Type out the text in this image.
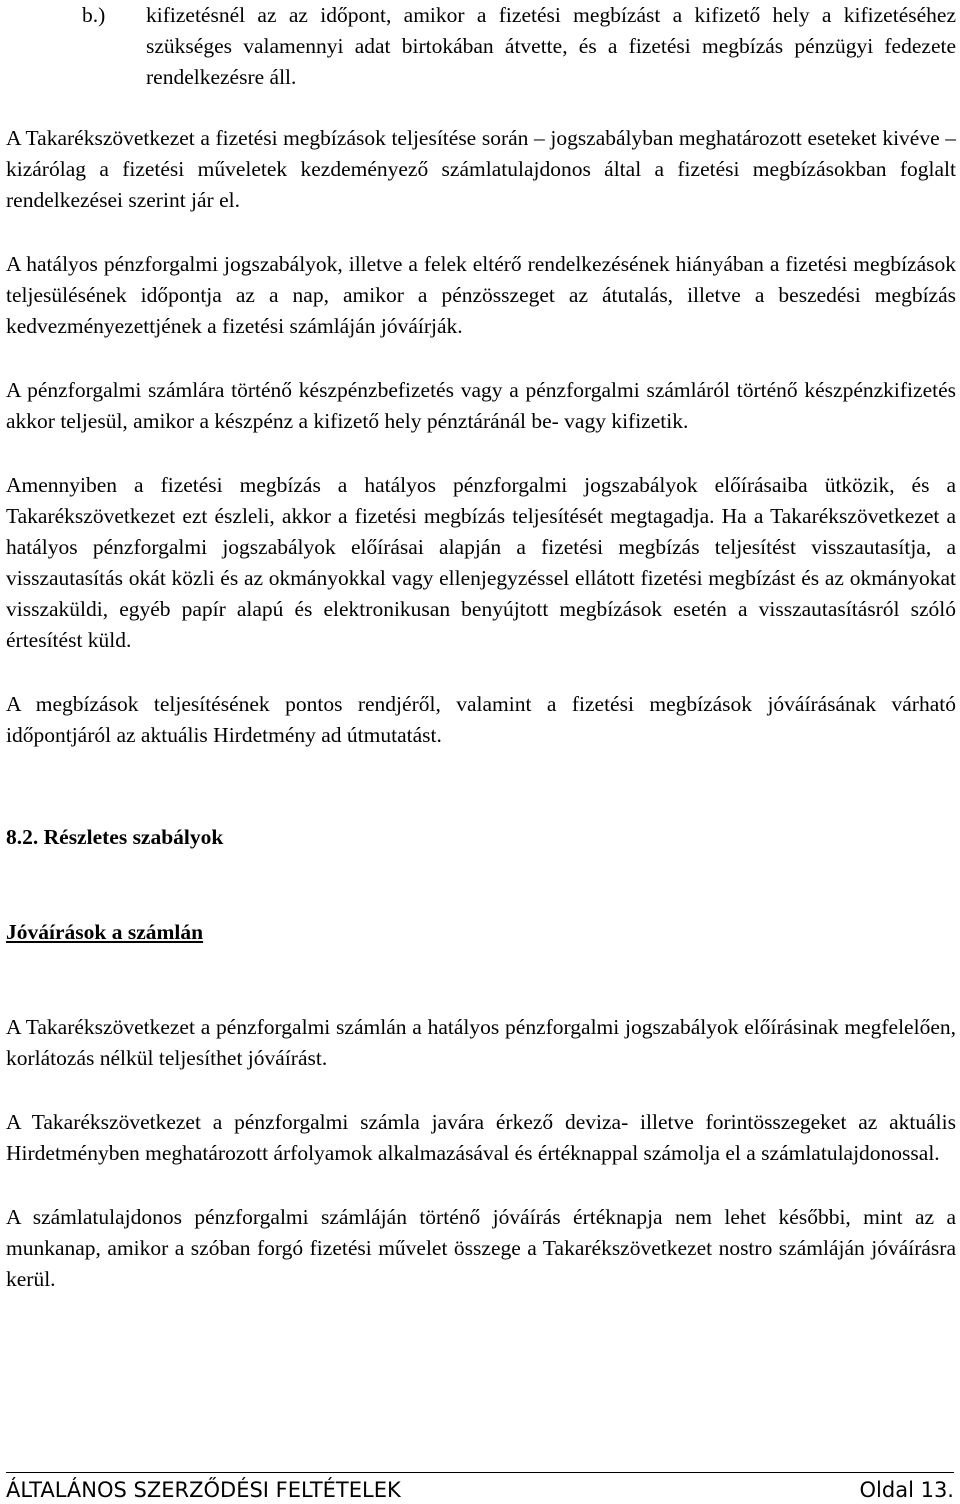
b.)	kifizetésnél az az időpont, amikor a fizetési megbízást a kifizető hely a kifizetéséhez szükséges valamennyi adat birtokában átvette, és a fizetési megbízás pénzügyi fedezete rendelkezésre áll.

A Takarékszövetkezet a fizetési megbízások teljesítése során – jogszabályban meghatározott eseteket kivéve – kizárólag a fizetési műveletek kezdeményező számlatulajdonos által a fizetési megbízásokban foglalt rendelkezései szerint jár el.

A hatályos pénzforgalmi jogszabályok, illetve a felek eltérő rendelkezésének hiányában a fizetési megbízások teljesülésének időpontja az a nap, amikor a pénzösszeget az átutalás, illetve a beszedési megbízás kedvezményezettjének a fizetési számláján jóváírják.

A pénzforgalmi számlára történő készpénzbefizetés vagy a pénzforgalmi számláról történő készpénzkifizetés akkor teljesül, amikor a készpénz a kifizető hely pénztáránál be- vagy kifizetik.

Amennyiben a fizetési megbízás a hatályos pénzforgalmi jogszabályok előírásaiba ütközik, és a Takarékszövetkezet ezt észleli, akkor a fizetési megbízás teljesítését megtagadja. Ha a Takarékszövetkezet a hatályos pénzforgalmi jogszabályok előírásai alapján a fizetési megbízás teljesítést visszautasítja, a visszautasítás okát közli és az okmányokkal vagy ellenjegyzéssel ellátott fizetési megbízást és az okmányokat visszaküldi, egyéb papír alapú és elektronikusan benyújtott megbízások esetén a visszautasításról szóló értesítést küld.

A megbízások teljesítésének pontos rendjéről, valamint a fizetési megbízások jóváírásának várható időpontjáról az aktuális Hirdetmény ad útmutatást.

8.2. Részletes szabályok

Jóváírások a számlán

A Takarékszövetkezet a pénzforgalmi számlán a hatályos pénzforgalmi jogszabályok előírásinak megfelelően, korlátozás nélkül teljesíthet jóváírást.

A Takarékszövetkezet a pénzforgalmi számla javára érkező deviza- illetve forintösszegeket az aktuális Hirdetményben meghatározott árfolyamok alkalmazásával és értéknappal számolja el a számlatulajdonossal.

A számlatulajdonos pénzforgalmi számláján történő jóváírás értéknapja nem lehet későbbi, mint az a munkanap, amikor a szóban forgó fizetési művelet összege a Takarékszövetkezet nostro számláján jóváírásra kerül.

ÁLTALÁNOS SZERZŐDÉSI FELTÉTELEK	Oldal 13.
